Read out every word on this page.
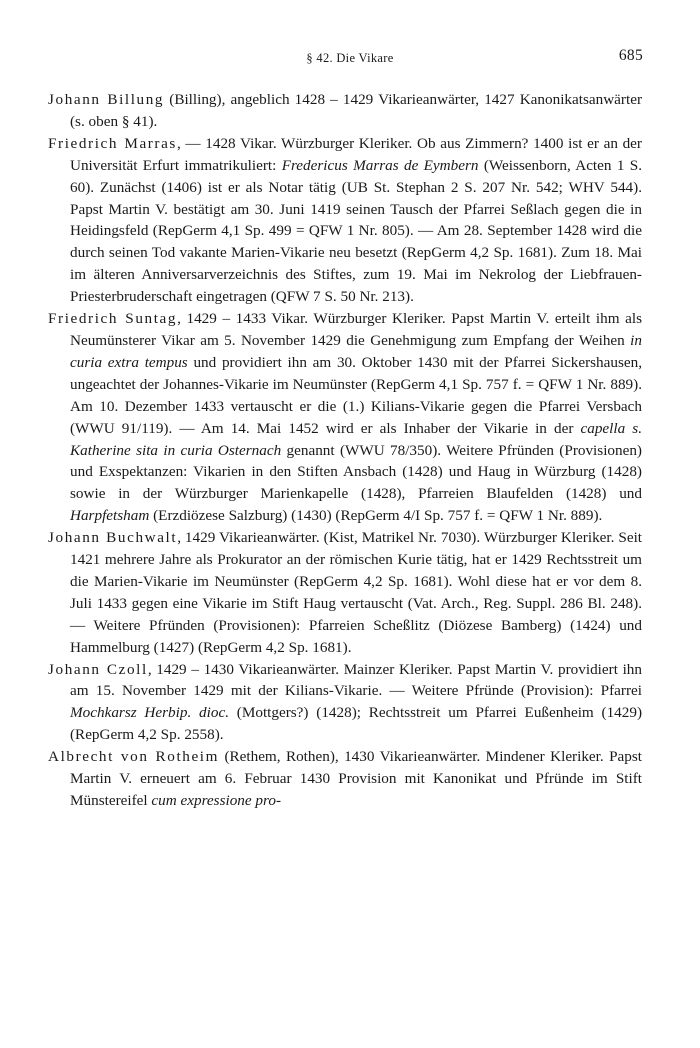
§ 42. Die Vikare	685

Johann Billung (Billing), angeblich 1428 – 1429 Vikarieanwärter, 1427 Kanonikatsanwärter (s. oben § 41).

Friedrich Marras, — 1428 Vikar. Würzburger Kleriker. Ob aus Zimmern? 1400 ist er an der Universität Erfurt immatrikuliert: Fredericus Marras de Eymbern (Weissenborn, Acten 1 S. 60). Zunächst (1406) ist er als Notar tätig (UB St. Stephan 2 S. 207 Nr. 542; WHV 544). Papst Martin V. bestätigt am 30. Juni 1419 seinen Tausch der Pfarrei Seßlach gegen die in Heidingsfeld (RepGerm 4,1 Sp. 499 = QFW 1 Nr. 805). — Am 28. September 1428 wird die durch seinen Tod vakante Marien-Vikarie neu besetzt (RepGerm 4,2 Sp. 1681). Zum 18. Mai im älteren Anniversarverzeichnis des Stiftes, zum 19. Mai im Nekrolog der Liebfrauen-Priesterbruderschaft eingetragen (QFW 7 S. 50 Nr. 213).

Friedrich Suntag, 1429 – 1433 Vikar. Würzburger Kleriker. Papst Martin V. erteilt ihm als Neumünsterer Vikar am 5. November 1429 die Genehmigung zum Empfang der Weihen in curia extra tempus und providiert ihn am 30. Oktober 1430 mit der Pfarrei Sickershausen, ungeachtet der Johannes-Vikarie im Neumünster (RepGerm 4,1 Sp. 757 f. = QFW 1 Nr. 889). Am 10. Dezember 1433 vertauscht er die (1.) Kilians-Vikarie gegen die Pfarrei Versbach (WWU 91/119). — Am 14. Mai 1452 wird er als Inhaber der Vikarie in der capella s. Katherine sita in curia Osternach genannt (WWU 78/350). Weitere Pfründen (Provisionen) und Exspektanzen: Vikarien in den Stiften Ansbach (1428) und Haug in Würzburg (1428) sowie in der Würzburger Marienkapelle (1428), Pfarreien Blaufelden (1428) und Harpfetsham (Erzdiözese Salzburg) (1430) (RepGerm 4/I Sp. 757 f. = QFW 1 Nr. 889).

Johann Buchwalt, 1429 Vikarieanwärter. (Kist, Matrikel Nr. 7030). Würzburger Kleriker. Seit 1421 mehrere Jahre als Prokurator an der römischen Kurie tätig, hat er 1429 Rechtsstreit um die Marien-Vikarie im Neumünster (RepGerm 4,2 Sp. 1681). Wohl diese hat er vor dem 8. Juli 1433 gegen eine Vikarie im Stift Haug vertauscht (Vat. Arch., Reg. Suppl. 286 Bl. 248). — Weitere Pfründen (Provisionen): Pfarreien Scheßlitz (Diözese Bamberg) (1424) und Hammelburg (1427) (RepGerm 4,2 Sp. 1681).

Johann Czoll, 1429 – 1430 Vikarieanwärter. Mainzer Kleriker. Papst Martin V. providiert ihn am 15. November 1429 mit der Kilians-Vikarie. — Weitere Pfründe (Provision): Pfarrei Mochkarsz Herbip. dioc. (Mottgers?) (1428); Rechtsstreit um Pfarrei Eußenheim (1429) (RepGerm 4,2 Sp. 2558).

Albrecht von Rotheim (Rethem, Rothen), 1430 Vikarieanwärter. Mindener Kleriker. Papst Martin V. erneuert am 6. Februar 1430 Provision mit Kanonikat und Pfründe im Stift Münstereifel cum expressione pro-
